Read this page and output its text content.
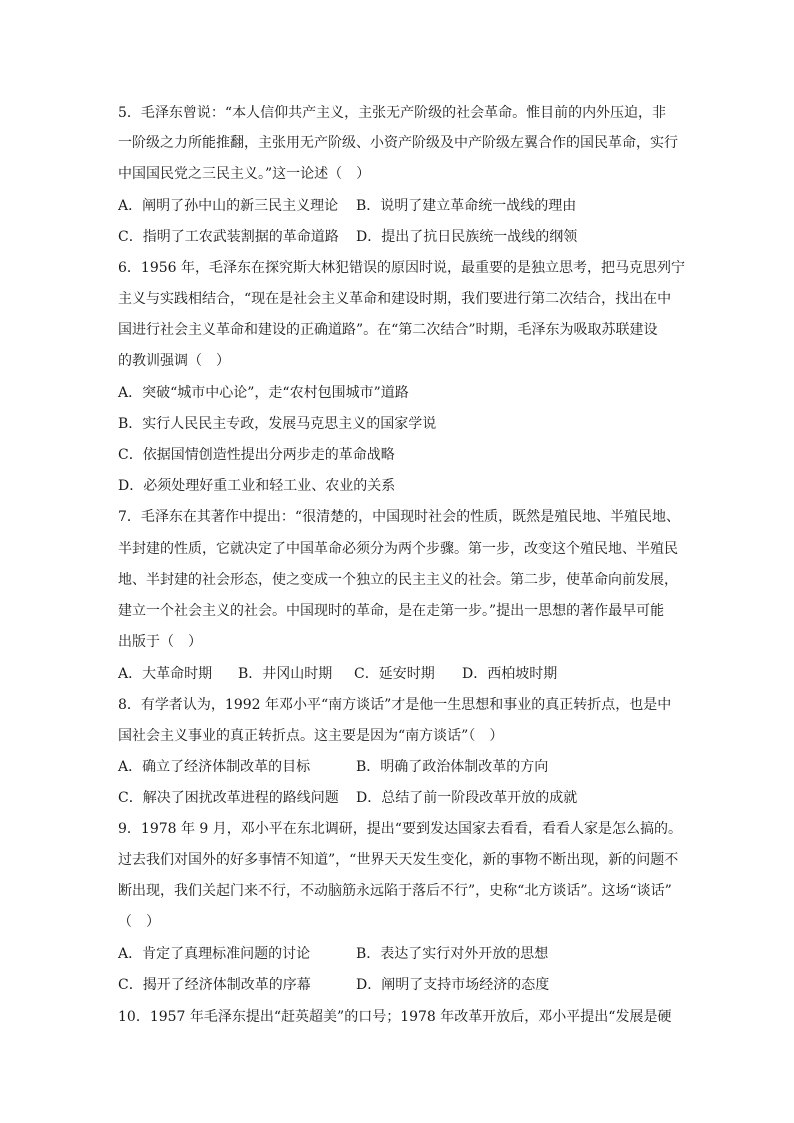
5．毛泽东曾说：“本人信仰共产主义，主张无产阶级的社会革命。惟目前的内外压迫，非
一阶级之力所能推翻，主张用无产阶级、小资产阶级及中产阶级左翼合作的国民革命，实行
中国国民党之三民主义。”这一论述（　）
A．阐明了孙中山的新三民主义理论 B．说明了建立革命统一战线的理由
C．指明了工农武装割据的革命道路 D．提出了抗日民族统一战线的纲领
6．1956 年，毛泽东在探究斯大林犯错误的原因时说，最重要的是独立思考，把马克思列宁
主义与实践相结合，“现在是社会主义革命和建设时期，我们要进行第二次结合，找出在中
国进行社会主义革命和建设的正确道路”。在“第二次结合”时期，毛泽东为吸取苏联建设
的教训强调（　）
A．突破“城市中心论”，走“农村包围城市”道路
B．实行人民民主专政，发展马克思主义的国家学说
C．依据国情创造性提出分两步走的革命战略
D．必须处理好重工业和轻工业、农业的关系
7．毛泽东在其著作中提出：“很清楚的，中国现时社会的性质，既然是殖民地、半殖民地、
半封建的性质，它就决定了中国革命必须分为两个步骤。第一步，改变这个殖民地、半殖民
地、半封建的社会形态，使之变成一个独立的民主主义的社会。第二步，使革命向前发展，
建立一个社会主义的社会。中国现时的革命，是在走第一步。”提出一思想的著作最早可能
出版于（　）
A．大革命时期 B．井冈山时期 C．延安时期 D．西柏坡时期
8．有学者认为，1992 年邓小平“南方谈话”才是他一生思想和事业的真正转折点，也是中
国社会主义事业的真正转折点。这主要是因为“南方谈话”（　）
A．确立了经济体制改革的目标	B．明确了政治体制改革的方向
C．解决了困扰改革进程的路线问题 D．总结了前一阶段改革开放的成就
9．1978 年 9 月，邓小平在东北调研，提出“要到发达国家去看看，看看人家是怎么搞的。
过去我们对国外的好多事情不知道”，“世界天天发生变化，新的事物不断出现，新的问题不
断出现，我们关起门来不行，不动脑筋永远陷于落后不行”，史称“北方谈话”。这场“谈话”
（　）
A．肯定了真理标准问题的讨论	B．表达了实行对外开放的思想
C．揭开了经济体制改革的序幕	D．阐明了支持市场经济的态度
10．1957 年毛泽东提出“赶英超美”的口号；1978 年改革开放后，邓小平提出“发展是硬
